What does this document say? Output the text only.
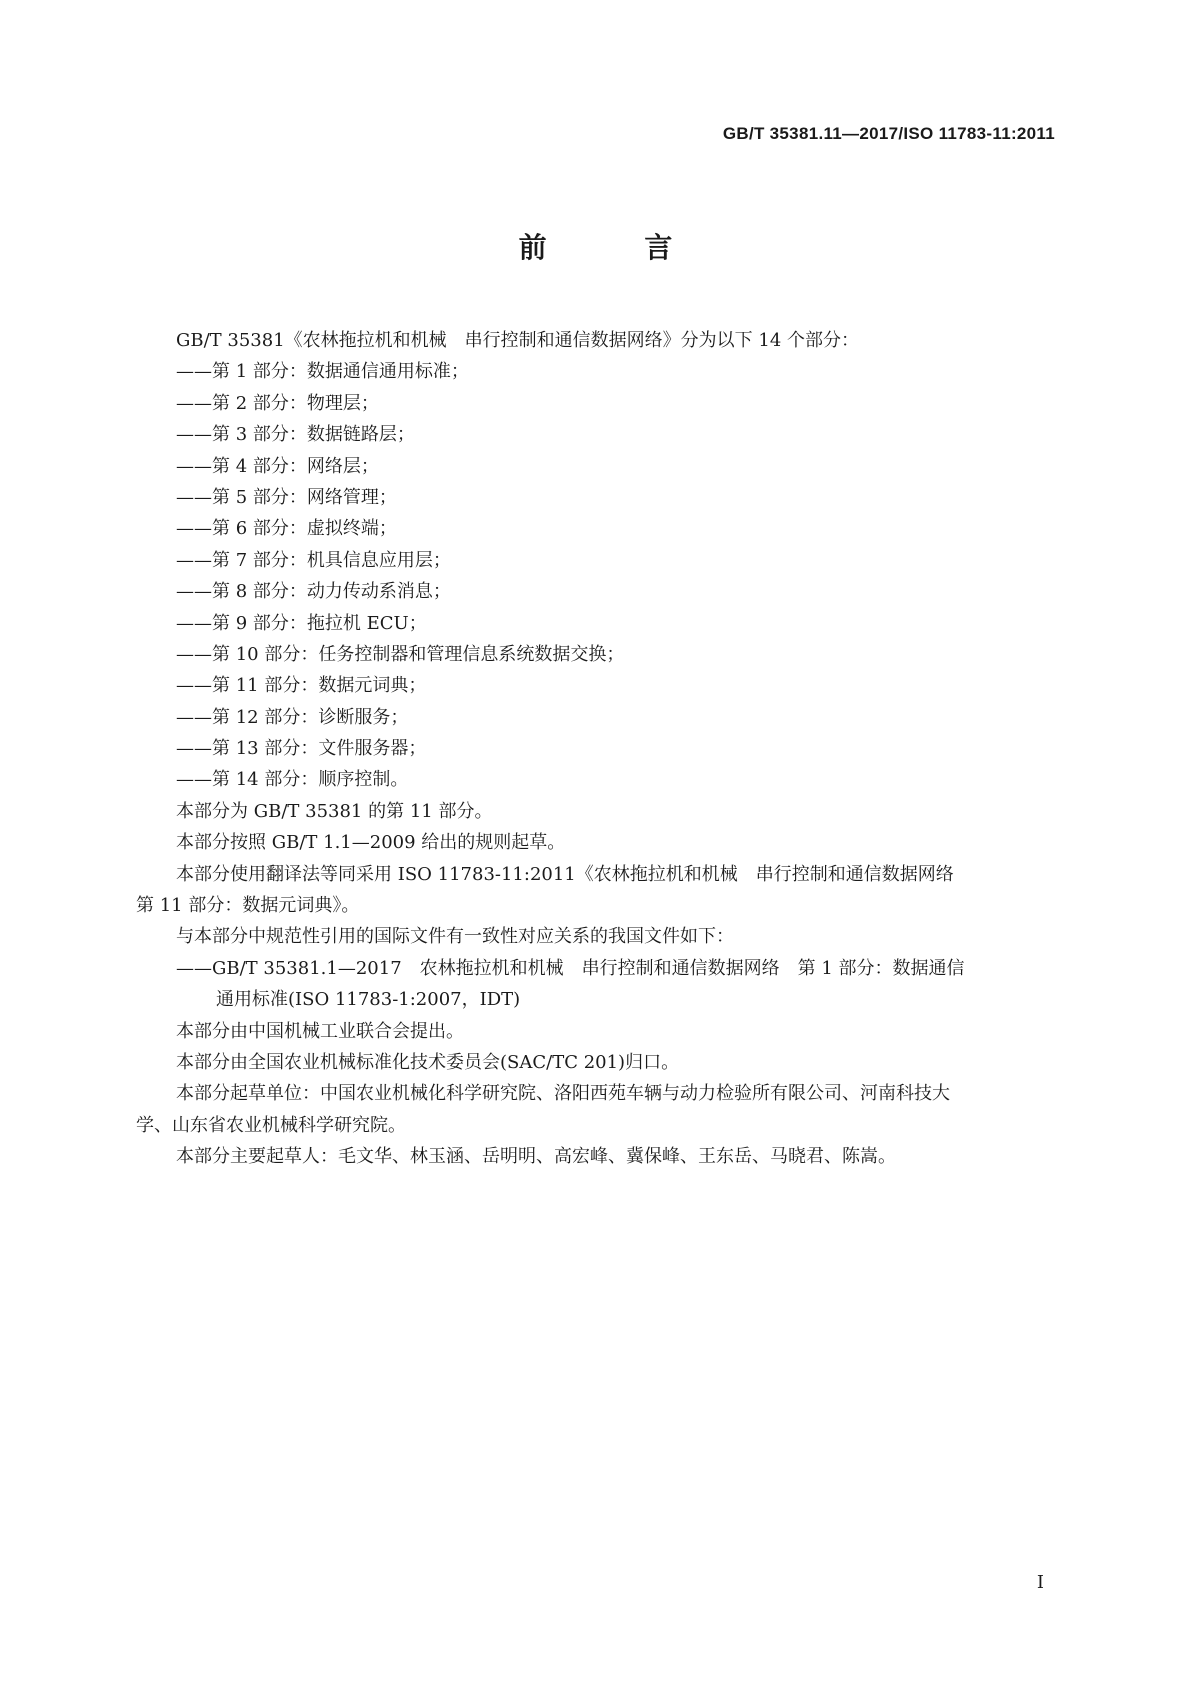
GB/T 35381.11—2017/ISO 11783-11:2011
前 言
GB/T 35381《农林拖拉机和机械　串行控制和通信数据网络》分为以下 14 个部分：
——第 1 部分：数据通信通用标准；
——第 2 部分：物理层；
——第 3 部分：数据链路层；
——第 4 部分：网络层；
——第 5 部分：网络管理；
——第 6 部分：虚拟终端；
——第 7 部分：机具信息应用层；
——第 8 部分：动力传动系消息；
——第 9 部分：拖拉机 ECU；
——第 10 部分：任务控制器和管理信息系统数据交换；
——第 11 部分：数据元词典；
——第 12 部分：诊断服务；
——第 13 部分：文件服务器；
——第 14 部分：顺序控制。
本部分为 GB/T 35381 的第 11 部分。
本部分按照 GB/T 1.1—2009 给出的规则起草。
本部分使用翻译法等同采用 ISO 11783-11:2011《农林拖拉机和机械　串行控制和通信数据网络
第 11 部分：数据元词典》。
与本部分中规范性引用的国际文件有一致性对应关系的我国文件如下：
——GB/T 35381.1—2017　农林拖拉机和机械　串行控制和通信数据网络　第 1 部分：数据通信
通用标准(ISO 11783-1:2007，IDT)
本部分由中国机械工业联合会提出。
本部分由全国农业机械标准化技术委员会(SAC/TC 201)归口。
本部分起草单位：中国农业机械化科学研究院、洛阳西苑车辆与动力检验所有限公司、河南科技大
学、山东省农业机械科学研究院。
本部分主要起草人：毛文华、林玉涵、岳明明、高宏峰、冀保峰、王东岳、马晓君、陈嵩。
I
